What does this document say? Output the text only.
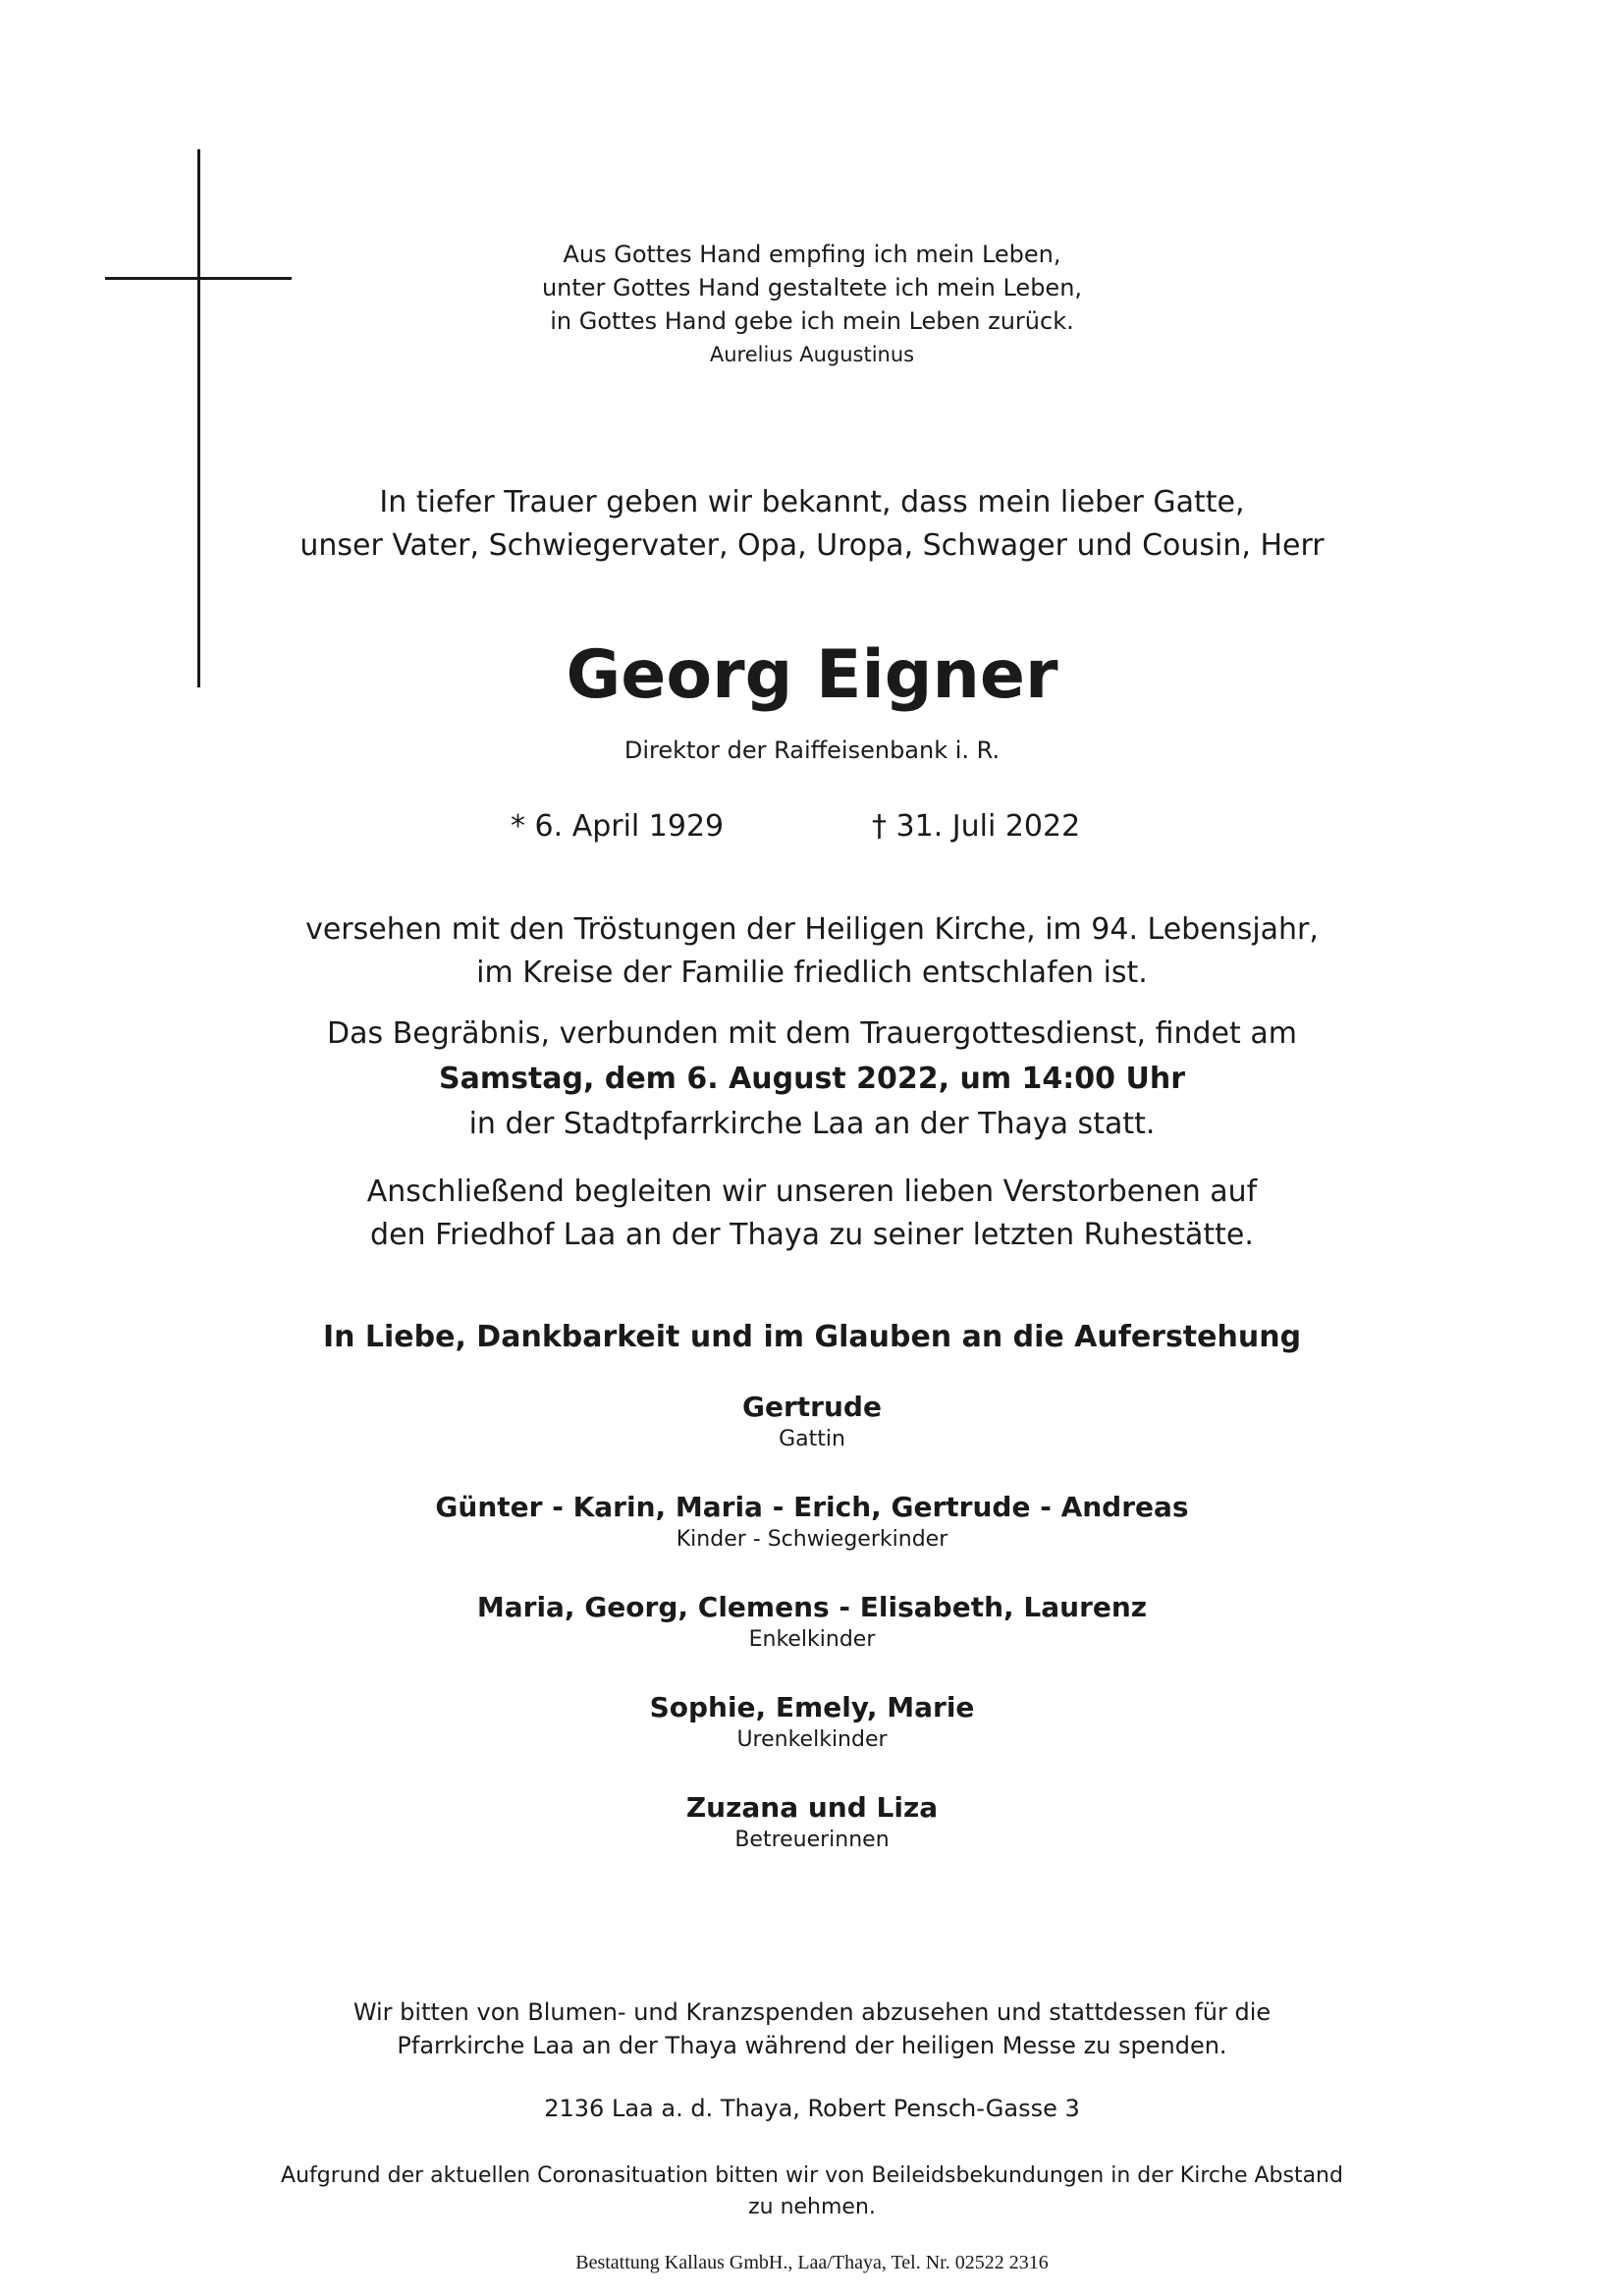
Aus Gottes Hand empfing ich mein Leben,
unter Gottes Hand gestaltete ich mein Leben,
in Gottes Hand gebe ich mein Leben zurück.
Aurelius Augustinus
In tiefer Trauer geben wir bekannt, dass mein lieber Gatte,
unser Vater, Schwiegervater, Opa, Uropa, Schwager und Cousin, Herr
Georg Eigner
Direktor der Raiffeisenbank i. R.
* 6. April 1929	† 31. Juli 2022
versehen mit den Tröstungen der Heiligen Kirche, im 94. Lebensjahr,
im Kreise der Familie friedlich entschlafen ist.
Das Begräbnis, verbunden mit dem Trauergottesdienst, findet am
Samstag, dem 6. August 2022, um 14:00 Uhr
in der Stadtpfarrkirche Laa an der Thaya statt.
Anschließend begleiten wir unseren lieben Verstorbenen auf
den Friedhof Laa an der Thaya zu seiner letzten Ruhestätte.
In Liebe, Dankbarkeit und im Glauben an die Auferstehung
Gertrude
Gattin
Günter - Karin, Maria - Erich, Gertrude - Andreas
Kinder - Schwiegerkinder
Maria, Georg, Clemens - Elisabeth, Laurenz
Enkelkinder
Sophie, Emely, Marie
Urenkelkinder
Zuzana und Liza
Betreuerinnen
Wir bitten von Blumen- und Kranzspenden abzusehen und stattdessen für die
Pfarrkirche Laa an der Thaya während der heiligen Messe zu spenden.
2136 Laa a. d. Thaya, Robert Pensch-Gasse 3
Aufgrund der aktuellen Coronasituation bitten wir von Beileidsbekundungen in der Kirche Abstand
zu nehmen.
Bestattung Kallaus GmbH., Laa/Thaya, Tel. Nr. 02522 2316
